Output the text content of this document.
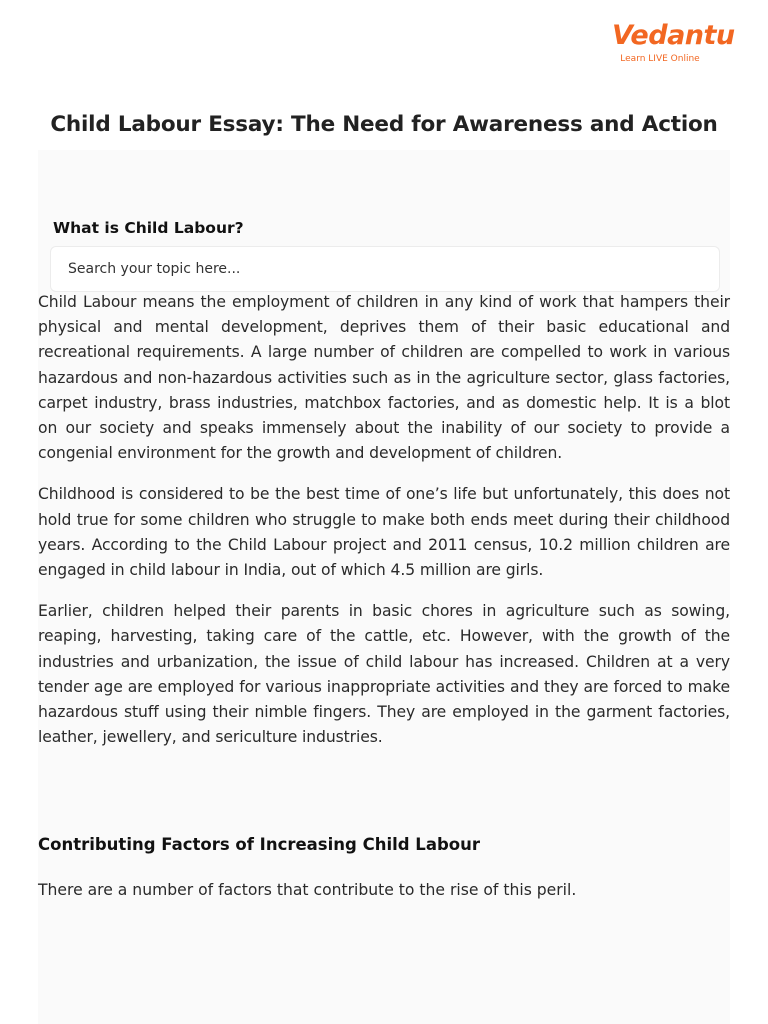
Vedantu
Learn LIVE Online
Child Labour Essay: The Need for Awareness and Action
What is Child Labour?
Search your topic here...

Child Labour means the employment of children in any kind of work that hampers their physical and mental development, deprives them of their basic educational and recreational requirements. A large number of children are compelled to work in various hazardous and non-hazardous activities such as in the agriculture sector, glass factories, carpet industry, brass industries, matchbox factories, and as domestic help. It is a blot on our society and speaks immensely about the inability of our society to provide a congenial environment for the growth and development of children.

Childhood is considered to be the best time of one’s life but unfortunately, this does not hold true for some children who struggle to make both ends meet during their childhood years. According to the Child Labour project and 2011 census, 10.2 million children are engaged in child labour in India, out of which 4.5 million are girls.

Earlier, children helped their parents in basic chores in agriculture such as sowing, reaping, harvesting, taking care of the cattle, etc. However, with the growth of the industries and urbanization, the issue of child labour has increased. Children at a very tender age are employed for various inappropriate activities and they are forced to make hazardous stuff using their nimble fingers. They are employed in the garment factories, leather, jewellery, and sericulture industries.

Contributing Factors of Increasing Child Labour

There are a number of factors that contribute to the rise of this peril.
